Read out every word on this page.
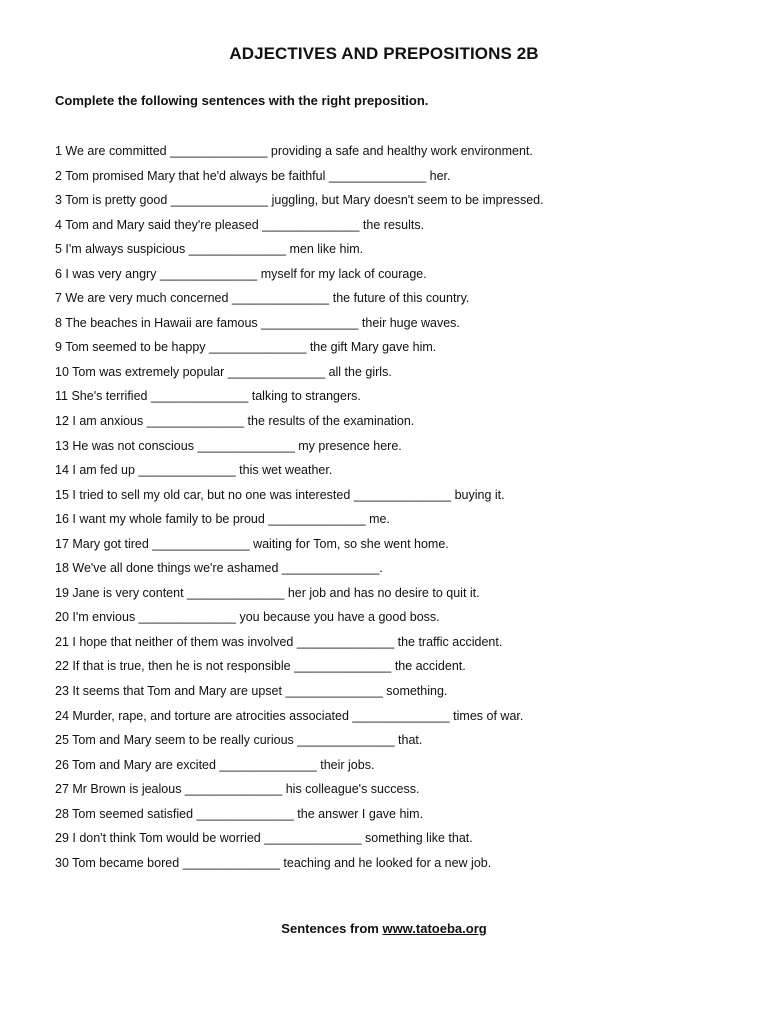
ADJECTIVES AND PREPOSITIONS 2B
Complete the following sentences with the right preposition.
1 We are committed ______________ providing a safe and healthy work environment.
2 Tom promised Mary that he'd always be faithful ______________ her.
3 Tom is pretty good ______________ juggling, but Mary doesn't seem to be impressed.
4 Tom and Mary said they're pleased ______________ the results.
5 I'm always suspicious ______________ men like him.
6 I was very angry ______________ myself for my lack of courage.
7 We are very much concerned ______________ the future of this country.
8 The beaches in Hawaii are famous ______________ their huge waves.
9 Tom seemed to be happy ______________ the gift Mary gave him.
10 Tom was extremely popular ______________ all the girls.
11 She's terrified ______________ talking to strangers.
12 I am anxious ______________ the results of the examination.
13 He was not conscious ______________ my presence here.
14 I am fed up ______________ this wet weather.
15 I tried to sell my old car, but no one was interested ______________ buying it.
16 I want my whole family to be proud ______________ me.
17 Mary got tired ______________ waiting for Tom, so she went home.
18 We've all done things we're ashamed ______________.
19 Jane is very content ______________ her job and has no desire to quit it.
20 I'm envious ______________ you because you have a good boss.
21 I hope that neither of them was involved ______________ the traffic accident.
22 If that is true, then he is not responsible ______________ the accident.
23 It seems that Tom and Mary are upset ______________ something.
24 Murder, rape, and torture are atrocities associated ______________ times of war.
25 Tom and Mary seem to be really curious ______________ that.
26 Tom and Mary are excited ______________ their jobs.
27 Mr Brown is jealous ______________ his colleague's success.
28 Tom seemed satisfied ______________ the answer I gave him.
29 I don't think Tom would be worried ______________ something like that.
30 Tom became bored ______________ teaching and he looked for a new job.
Sentences from www.tatoeba.org
